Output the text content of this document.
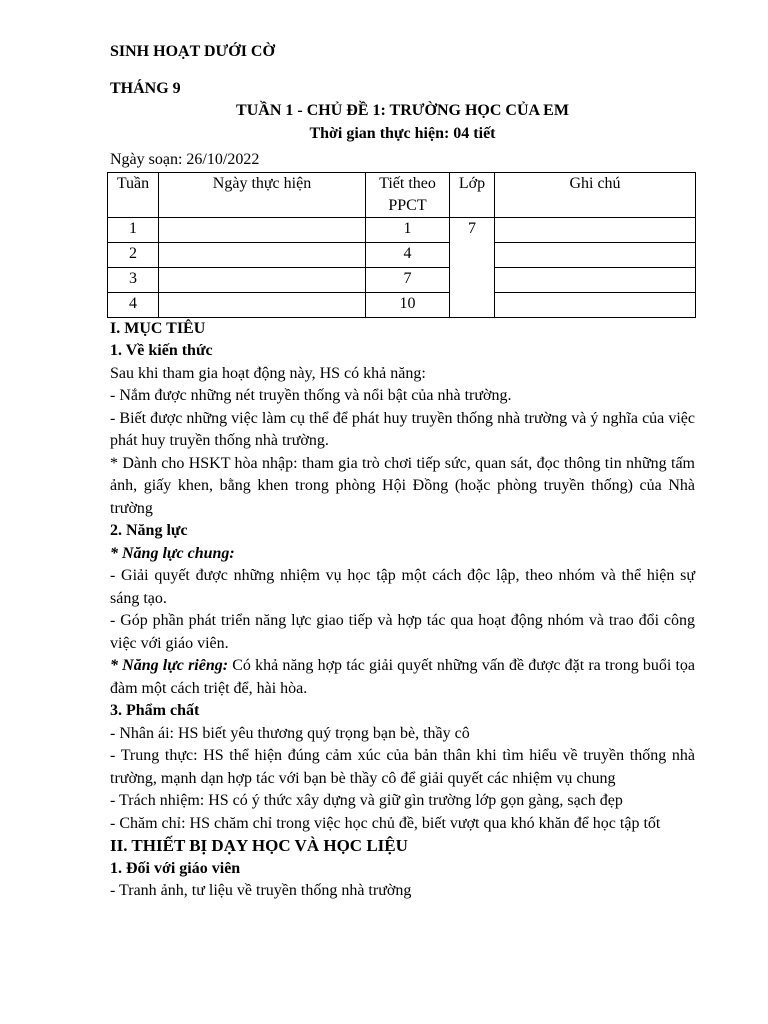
SINH HOẠT DƯỚI CỜ

THÁNG 9

TUẦN 1 - CHỦ ĐỀ 1: TRƯỜNG HỌC CỦA EM

Thời gian thực hiện: 04 tiết

Ngày soạn: 26/10/2022

Tuần	Ngày thực hiện	Tiết theo PPCT	Lớp	Ghi chú
1		1	7	
2		4		
3		7		
4		10		

I. MỤC TIÊU

1. Về kiến thức

Sau khi tham gia hoạt động này, HS có khả năng:

- Nắm được những nét truyền thống và nổi bật của nhà trường.

- Biết được những việc làm cụ thể để phát huy truyền thống nhà trường và ý nghĩa của việc phát huy truyền thống nhà trường.

* Dành cho HSKT hòa nhập: tham gia trò chơi tiếp sức, quan sát, đọc thông tin những tấm ảnh, giấy khen, bằng khen trong phòng Hội Đồng (hoặc phòng truyền thống) của Nhà trường

2. Năng lực

* Năng lực chung:

- Giải quyết được những nhiệm vụ học tập một cách độc lập, theo nhóm và thể hiện sự sáng tạo.

- Góp phần phát triển năng lực giao tiếp và hợp tác qua hoạt động nhóm và trao đổi công việc với giáo viên.

* Năng lực riêng: Có khả năng hợp tác giải quyết những vấn đề được đặt ra trong buổi tọa đàm một cách triệt để, hài hòa.

3. Phẩm chất

- Nhân ái: HS biết yêu thương quý trọng bạn bè, thầy cô

- Trung thực: HS thể hiện đúng cảm xúc của bản thân khi tìm hiểu về truyền thống nhà trường, mạnh dạn hợp tác với bạn bè thầy cô để giải quyết các nhiệm vụ chung

- Trách nhiệm: HS có ý thức xây dựng và giữ gìn trường lớp gọn gàng, sạch đẹp

- Chăm chỉ: HS chăm chỉ trong việc học chủ đề, biết vượt qua khó khăn để học tập tốt

II. THIẾT BỊ DẠY HỌC VÀ HỌC LIỆU

1. Đối với giáo viên

- Tranh ảnh, tư liệu về truyền thống nhà trường
